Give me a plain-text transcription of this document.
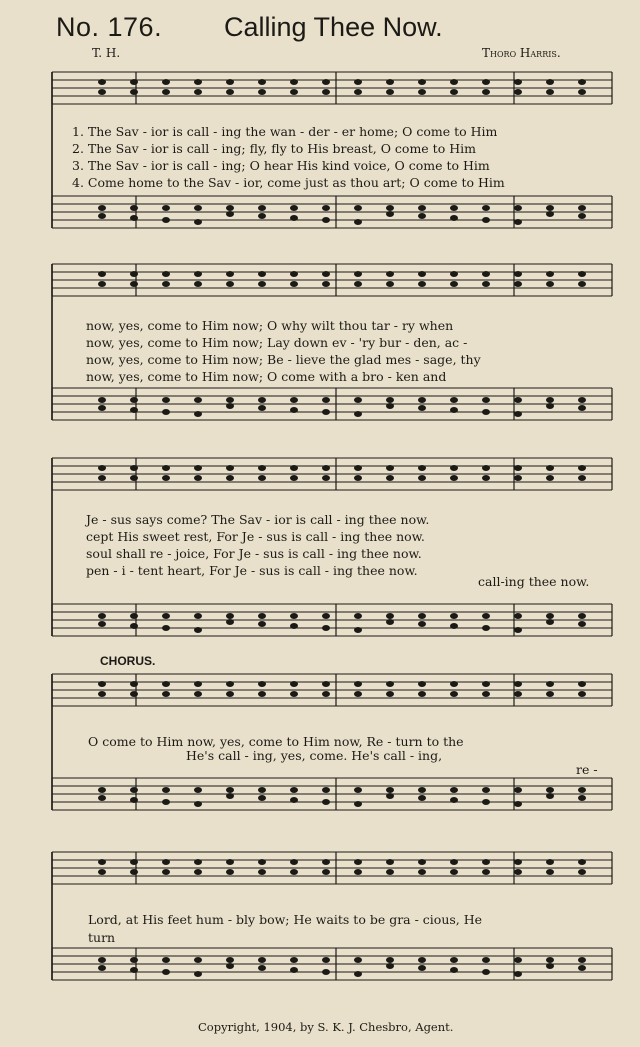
No. 176. Calling Thee Now.
T. H.	Thoro Harris.
1. The Sav - ior is call - ing the wan - der - er home; O come to Him
2. The Sav - ior is call - ing; fly, fly to His breast, O come to Him
3. The Sav - ior is call - ing; O hear His kind voice, O come to Him
4. Come home to the Sav - ior, come just as thou art; O come to Him
now, yes, come to Him now; O why wilt thou tar - ry when
now, yes, come to Him now; Lay down ev - 'ry bur - den, ac -
now, yes, come to Him now; Be - lieve the glad mes - sage, thy
now, yes, come to Him now; O come with a bro - ken and
Je - sus says come? The Sav - ior is call - ing thee now.
cept His sweet rest, For Je - sus is call - ing thee now.
soul shall re - joice, For Je - sus is call - ing thee now.
pen - i - tent heart, For Je - sus is call - ing thee now.
call-ing thee now.
CHORUS.
O come to Him now, yes, come to Him now, Re - turn to the
He's call - ing, yes, come. He's call - ing,
re -
Lord, at His feet hum - bly bow; He waits to be gra - cious, He
turn
Copyright, 1904, by S. K. J. Chesbro, Agent.
